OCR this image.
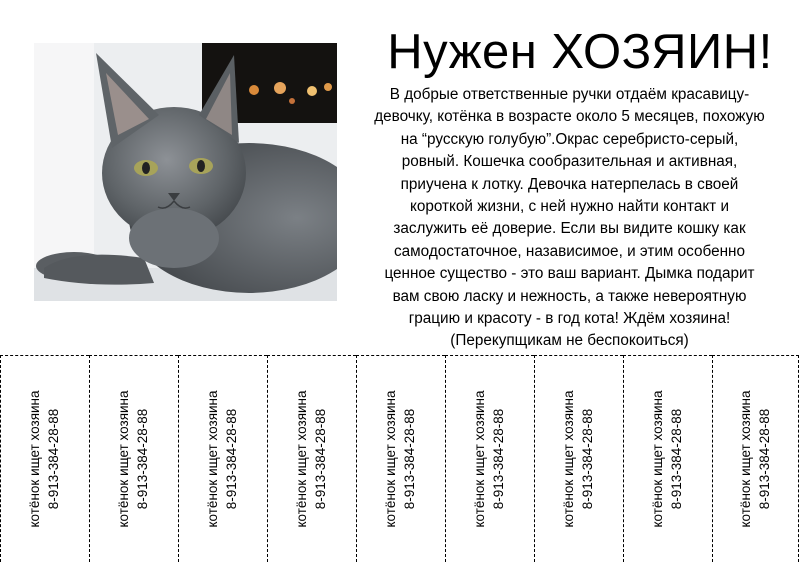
Нужен ХОЗЯИН!
В добрые ответственные ручки отдаём красавицу-
девочку, котёнка в возрасте около 5 месяцев, похожую
на “русскую голубую”.Окрас серебристо-серый,
ровный. Кошечка сообразительная и активная,
приучена к лотку. Девочка натерпелась в своей
короткой жизни, с ней нужно найти контакт и
заслужить её доверие. Если вы видите кошку как
самодостаточное, назависимое, и этим особенно
ценное существо - это ваш вариант. Дымка подарит
вам свою ласку и нежность, а также невероятную
грацию и красоту - в год кота! Ждём хозяина!
(Перекупщикам не беспокоиться)
котёнок ищет хозяина 8-913-384-28-88	котёнок ищет хозяина 8-913-384-28-88	котёнок ищет хозяина 8-913-384-28-88	котёнок ищет хозяина 8-913-384-28-88	котёнок ищет хозяина 8-913-384-28-88	котёнок ищет хозяина 8-913-384-28-88	котёнок ищет хозяина 8-913-384-28-88	котёнок ищет хозяина 8-913-384-28-88	котёнок ищет хозяина 8-913-384-28-88
